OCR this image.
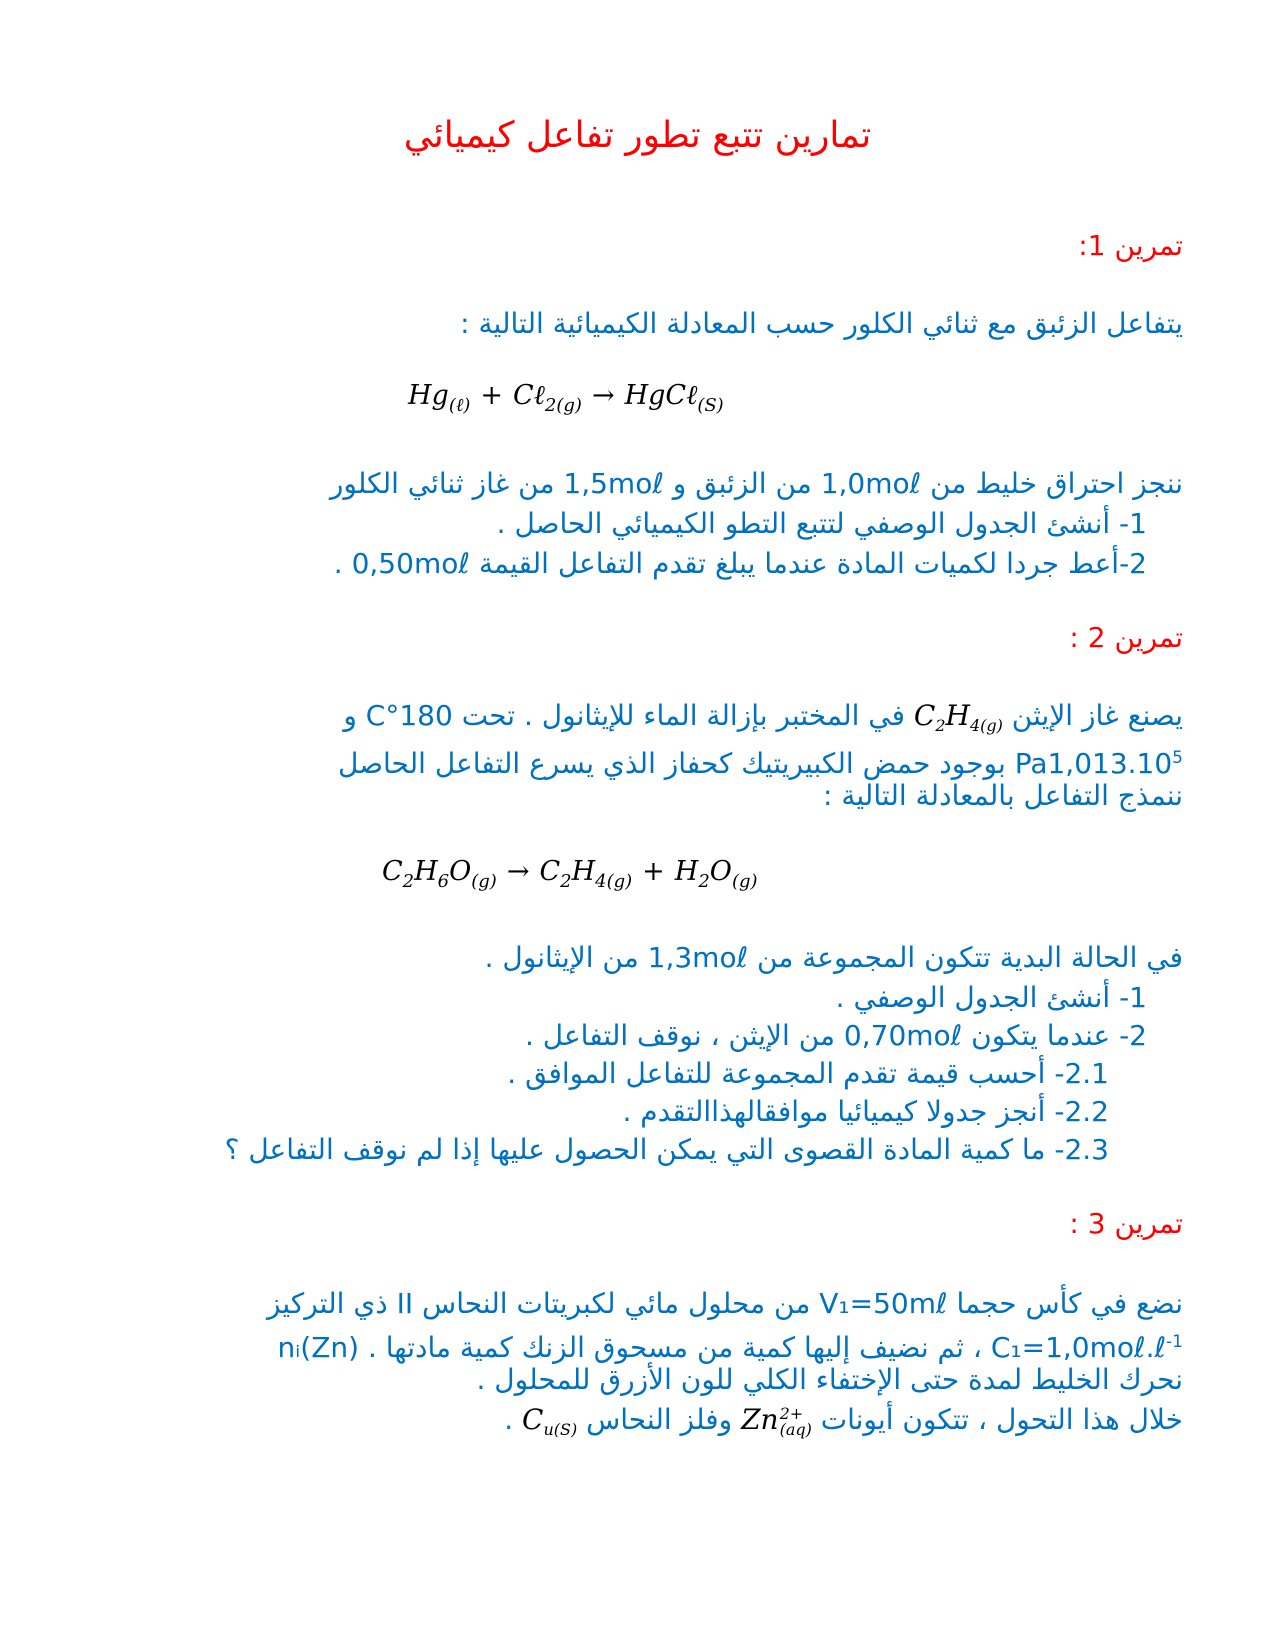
تمارين تتبع تطور تفاعل كيميائي
تمرين 1:
يتفاعل الزئبق مع ثنائي الكلور حسب المعادلة الكيميائية التالية :
$Hg_{(\ell)}$ + Cℓ$_{2(g)}$ → HgCℓ$_{(S)}$
ننجز احتراق خليط من 1,0moℓ من الزئبق و 1,5moℓ من غاز ثنائي الكلور
1- أنشئ الجدول الوصفي لتتبع التطو الكيميائي الحاصل .
2-أعط جردا لكميات المادة عندما يبلغ تقدم التفاعل القيمة 0,50moℓ .
تمرين 2 :
يصنع غاز الإيثن $C_2H_{4(g)}$ في المختبر بإزالة الماء للإيثانول . تحت 180°C و
1,013.10$^5$Pa بوجود حمض الكبيريتيك كحفاز الذي يسرع التفاعل الحاصل
ننمذج التفاعل بالمعادلة التالية :
$C_2H_6O_{(g)} \to C_2H_{4(g)} + H_2O_{(g)}$
في الحالة البدية تتكون المجموعة من 1,3moℓ من الإيثانول .
1- أنشئ الجدول الوصفي .
2- عندما يتكون 0,70moℓ من الإيثن ، نوقف التفاعل .
2.1- أحسب قيمة تقدم المجموعة للتفاعل الموافق .
2.2- أنجز جدولا كيميائيا موافقالهذاالتقدم .
2.3- ما كمية المادة القصوى التي يمكن الحصول عليها إذا لم نوقف التفاعل ؟
تمرين 3 :
نضع في كأس حجما V₁=50mℓ من محلول مائي لكبريتات النحاس II ذي التركيز
C₁=1,0moℓ.ℓ$^{-1}$ ، ثم نضيف إليها كمية من مسحوق الزنك كمية مادتها nᵢ(Zn) .
نحرك الخليط لمدة حتى الإختفاء الكلي للون الأزرق للمحلول .
خلال هذا التحول ، تتكون أيونات Zn 2+
(aq)
وفلز النحاس $C_{u(S)}$ .
